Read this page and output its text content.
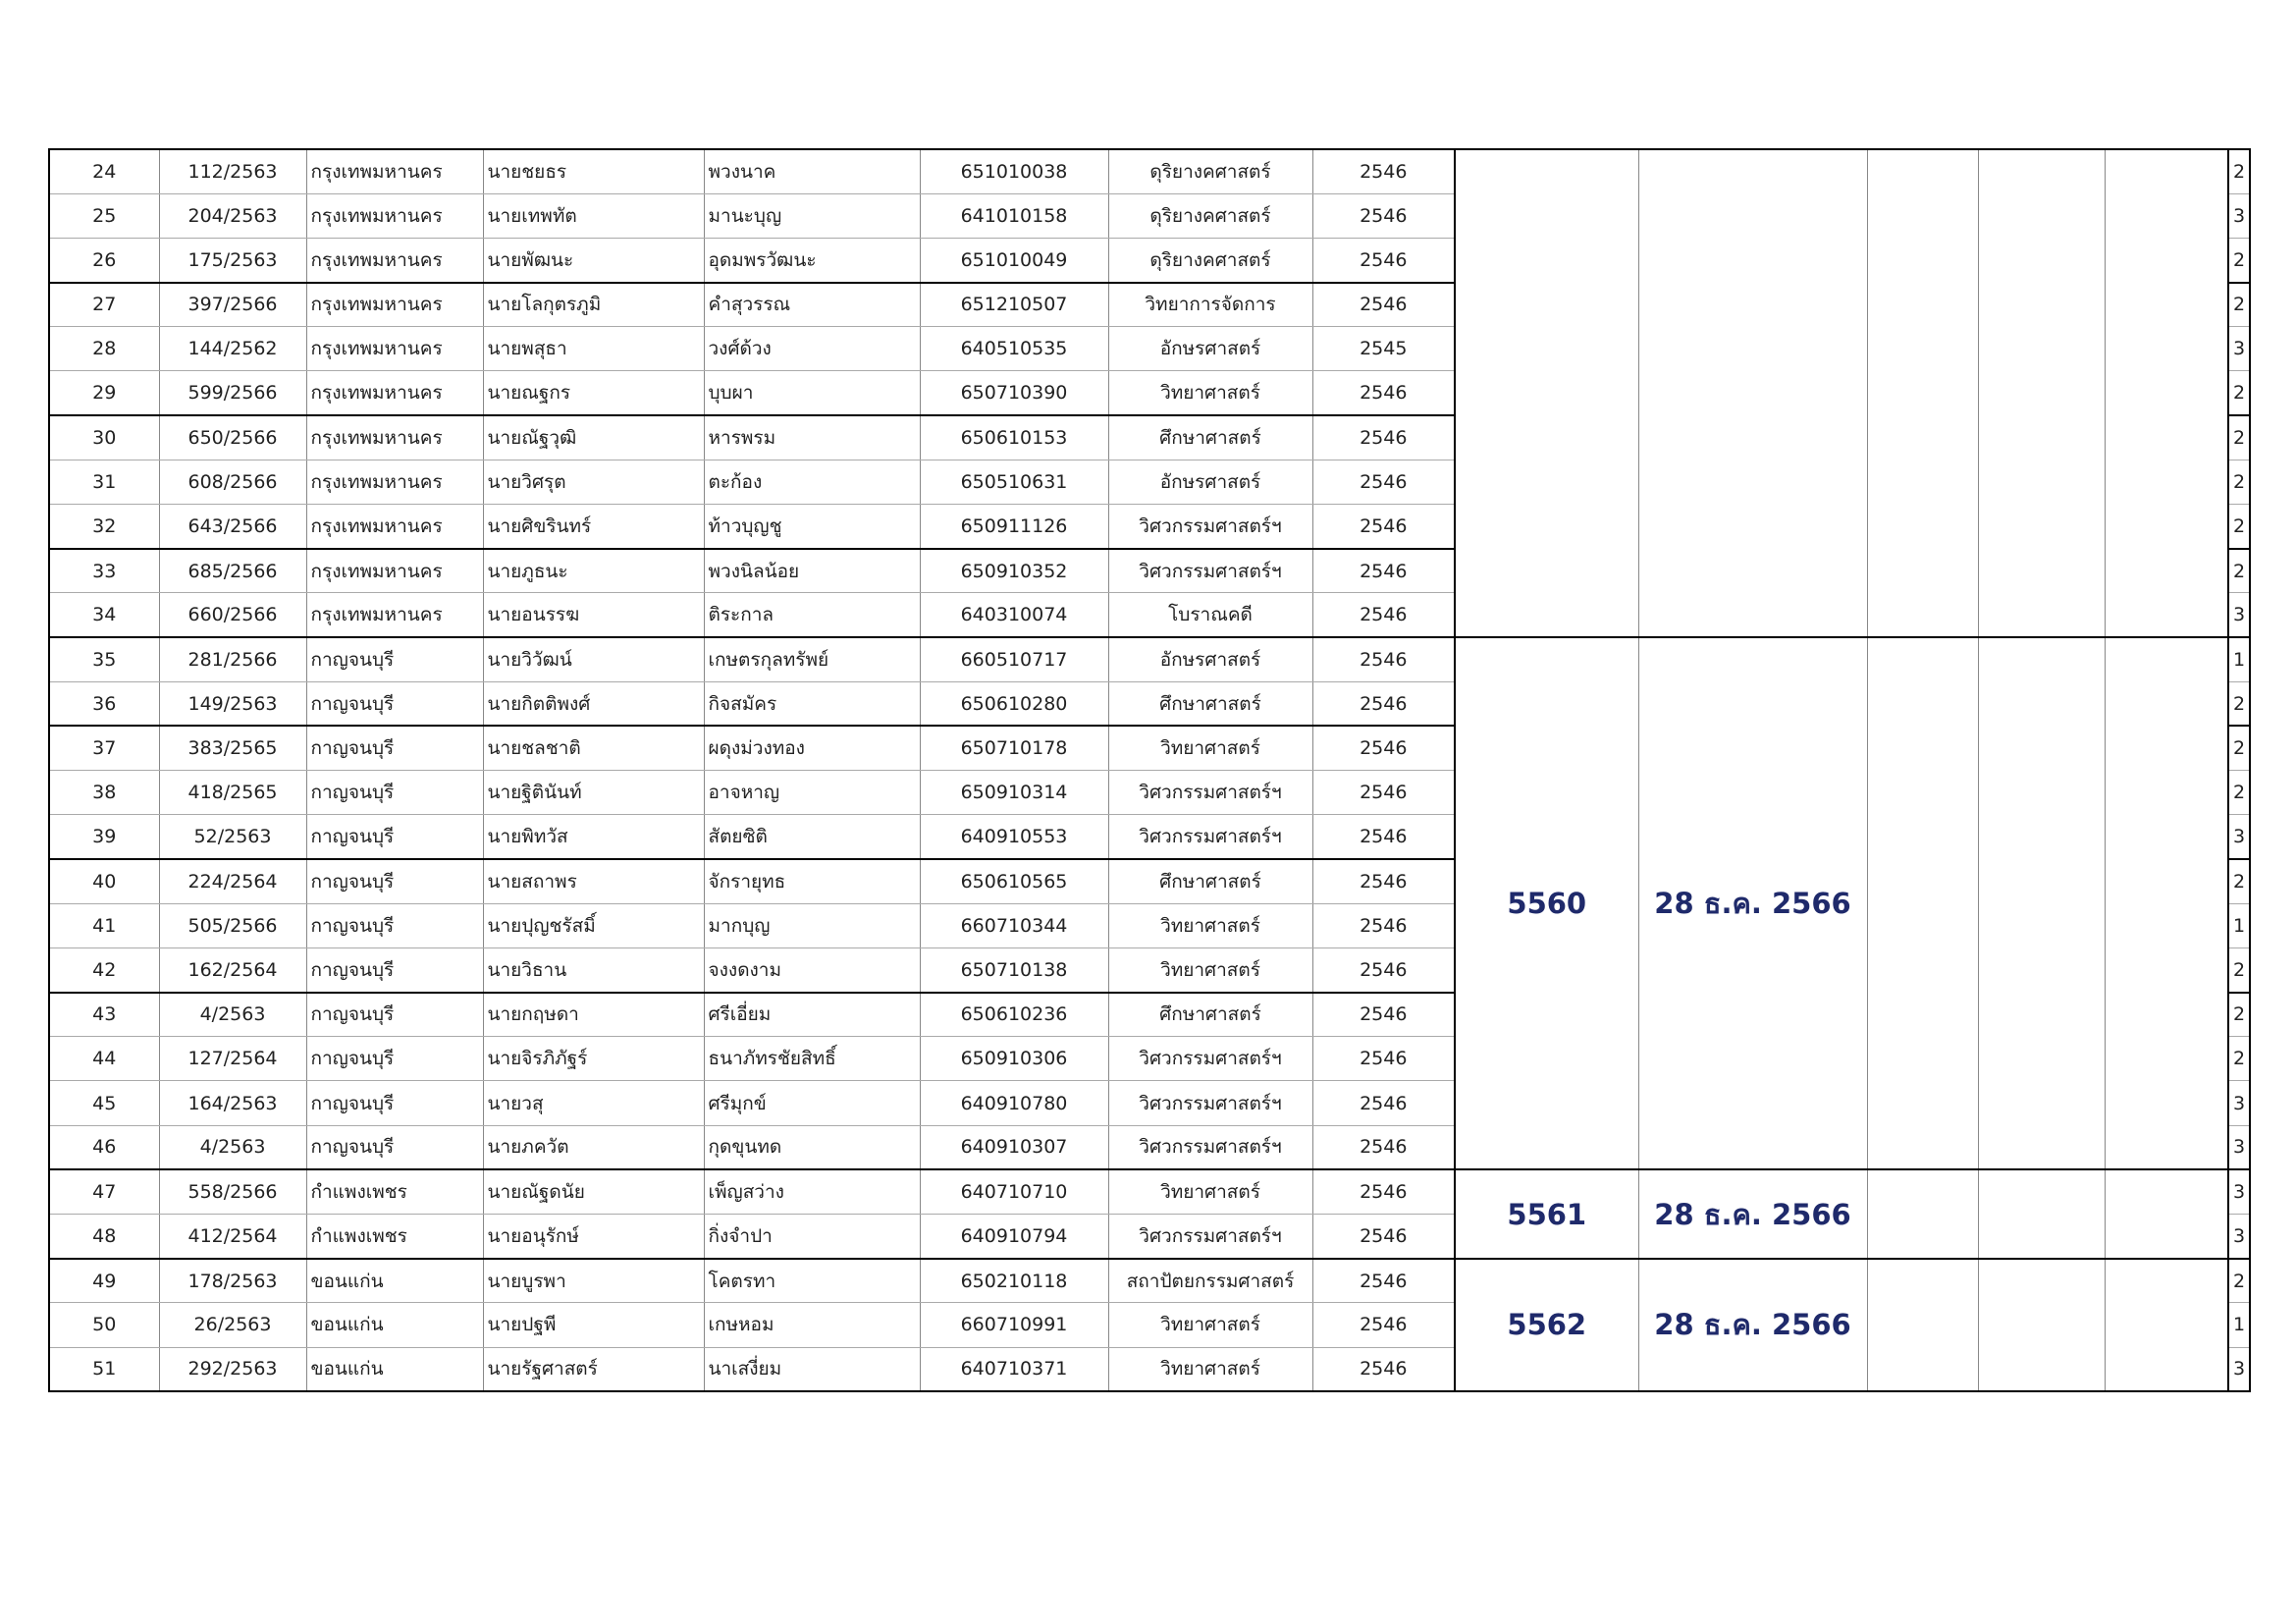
24	112/2563	กรุงเทพมหานคร	นายชยธร	พวงนาค	651010038	ดุริยางคศาสตร์	2546						2
25	204/2563	กรุงเทพมหานคร	นายเทพทัต	มานะบุญ	641010158	ดุริยางคศาสตร์	2546						3
26	175/2563	กรุงเทพมหานคร	นายพัฒนะ	อุดมพรวัฒนะ	651010049	ดุริยางคศาสตร์	2546						2
27	397/2566	กรุงเทพมหานคร	นายโลกุตรภูมิ	คำสุวรรณ	651210507	วิทยาการจัดการ	2546						2
28	144/2562	กรุงเทพมหานคร	นายพสุธา	วงศ์ด้วง	640510535	อักษรศาสตร์	2545						3
29	599/2566	กรุงเทพมหานคร	นายณฐกร	บุบผา	650710390	วิทยาศาสตร์	2546						2
30	650/2566	กรุงเทพมหานคร	นายณัฐวุฒิ	หารพรม	650610153	ศึกษาศาสตร์	2546						2
31	608/2566	กรุงเทพมหานคร	นายวิศรุต	ตะก้อง	650510631	อักษรศาสตร์	2546						2
32	643/2566	กรุงเทพมหานคร	นายศิขรินทร์	ท้าวบุญชู	650911126	วิศวกรรมศาสตร์ฯ	2546						2
33	685/2566	กรุงเทพมหานคร	นายภูธนะ	พวงนิลน้อย	650910352	วิศวกรรมศาสตร์ฯ	2546						2
34	660/2566	กรุงเทพมหานคร	นายอนรรฆ	ติระกาล	640310074	โบราณคดี	2546						3
35	281/2566	กาญจนบุรี	นายวิวัฒน์	เกษตรกุลทรัพย์	660510717	อักษรศาสตร์	2546	5560	28 ธ.ค. 2566				1
36	149/2563	กาญจนบุรี	นายกิตติพงศ์	กิจสมัคร	650610280	ศึกษาศาสตร์	2546						2
37	383/2565	กาญจนบุรี	นายชลชาติ	ผดุงม่วงทอง	650710178	วิทยาศาสตร์	2546						2
38	418/2565	กาญจนบุรี	นายฐิตินันท์	อาจหาญ	650910314	วิศวกรรมศาสตร์ฯ	2546						2
39	52/2563	กาญจนบุรี	นายพิทวัส	สัตยซิติ	640910553	วิศวกรรมศาสตร์ฯ	2546						3
40	224/2564	กาญจนบุรี	นายสถาพร	จักรายุทธ	650610565	ศึกษาศาสตร์	2546						2
41	505/2566	กาญจนบุรี	นายปุญชรัสมิ์	มากบุญ	660710344	วิทยาศาสตร์	2546						1
42	162/2564	กาญจนบุรี	นายวิธาน	จงงดงาม	650710138	วิทยาศาสตร์	2546						2
43	4/2563	กาญจนบุรี	นายกฤษดา	ศรีเอี่ยม	650610236	ศึกษาศาสตร์	2546						2
44	127/2564	กาญจนบุรี	นายจิรภิภัฐร์	ธนาภัทรชัยสิทธิ์	650910306	วิศวกรรมศาสตร์ฯ	2546						2
45	164/2563	กาญจนบุรี	นายวสุ	ศรีมุกข์	640910780	วิศวกรรมศาสตร์ฯ	2546						3
46	4/2563	กาญจนบุรี	นายภควัต	กุดขุนทด	640910307	วิศวกรรมศาสตร์ฯ	2546						3
47	558/2566	กำแพงเพชร	นายณัฐดนัย	เพ็ญสว่าง	640710710	วิทยาศาสตร์	2546	5561	28 ธ.ค. 2566				3
48	412/2564	กำแพงเพชร	นายอนุรักษ์	กิ่งจำปา	640910794	วิศวกรรมศาสตร์ฯ	2546						3
49	178/2563	ขอนแก่น	นายบูรพา	โคตรทา	650210118	สถาปัตยกรรมศาสตร์	2546	5562	28 ธ.ค. 2566				2
50	26/2563	ขอนแก่น	นายปฐพี	เกษหอม	660710991	วิทยาศาสตร์	2546						1
51	292/2563	ขอนแก่น	นายรัฐศาสตร์	นาเสงี่ยม	640710371	วิทยาศาสตร์	2546						3
